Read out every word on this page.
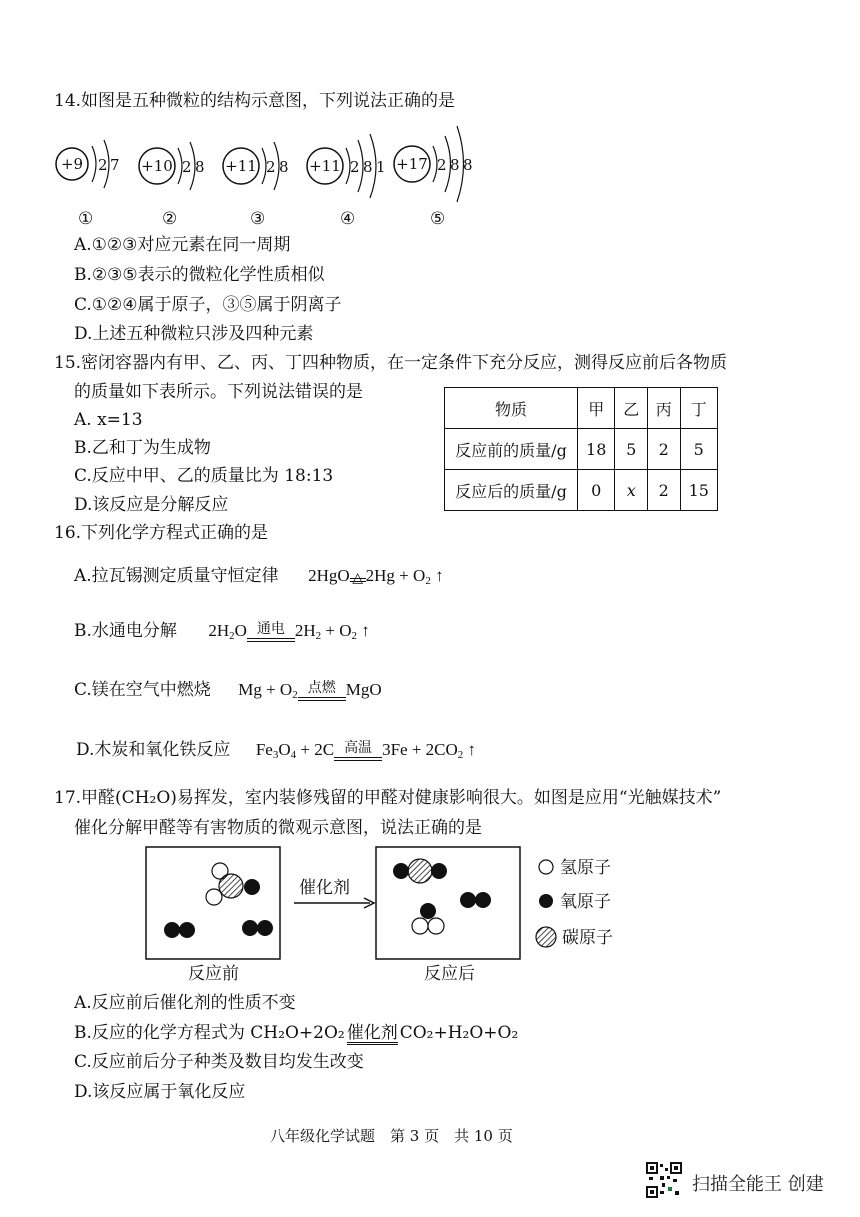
14.如图是五种微粒的结构示意图，下列说法正确的是
+9 2 7
①
+10 2 8
②
+11 2 8
③
+11 2 8 1
④
+17 2 8 8
⑤
A.①②③对应元素在同一周期
B.②③⑤表示的微粒化学性质相似
C.①②④属于原子，③⑤属于阴离子
D.上述五种微粒只涉及四种元素
15.密闭容器内有甲、乙、丙、丁四种物质，在一定条件下充分反应，测得反应前后各物质
的质量如下表所示。下列说法错误的是
A. x=13
B.乙和丁为生成物
C.反应中甲、乙的质量比为 18:13
D.该反应是分解反应
物质	甲	乙	丙	丁
反应前的质量/g	18	5	2	5
反应后的质量/g	0	x	2	15
16.下列化学方程式正确的是
A.拉瓦锡测定质量守恒定律 2HgO △ $2Hg + O_2$ ↑
B.水通电分解 $2H_2O$ 通电 $2H_2 + O_2$ ↑
C.镁在空气中燃烧 $Mg + O_2$ 点燃 MgO
D.木炭和氧化铁反应 $Fe_3O_4 + 2C$ 高温 $3Fe + 2CO_2$ ↑
17.甲醛(CH₂O)易挥发，室内装修残留的甲醛对健康影响很大。如图是应用“光触媒技术”
催化分解甲醛等有害物质的微观示意图，说法正确的是
催化剂
氢原子
氧原子
碳原子
反应前	反应后
A.反应前后催化剂的性质不变
B.反应的化学方程式为 CH₂O+2O₂ 催化剂 CO₂+H₂O+O₂
C.反应前后分子种类及数目均发生改变
D.该反应属于氧化反应
八年级化学试题　第 3 页　共 10 页
扫描全能王 创建
